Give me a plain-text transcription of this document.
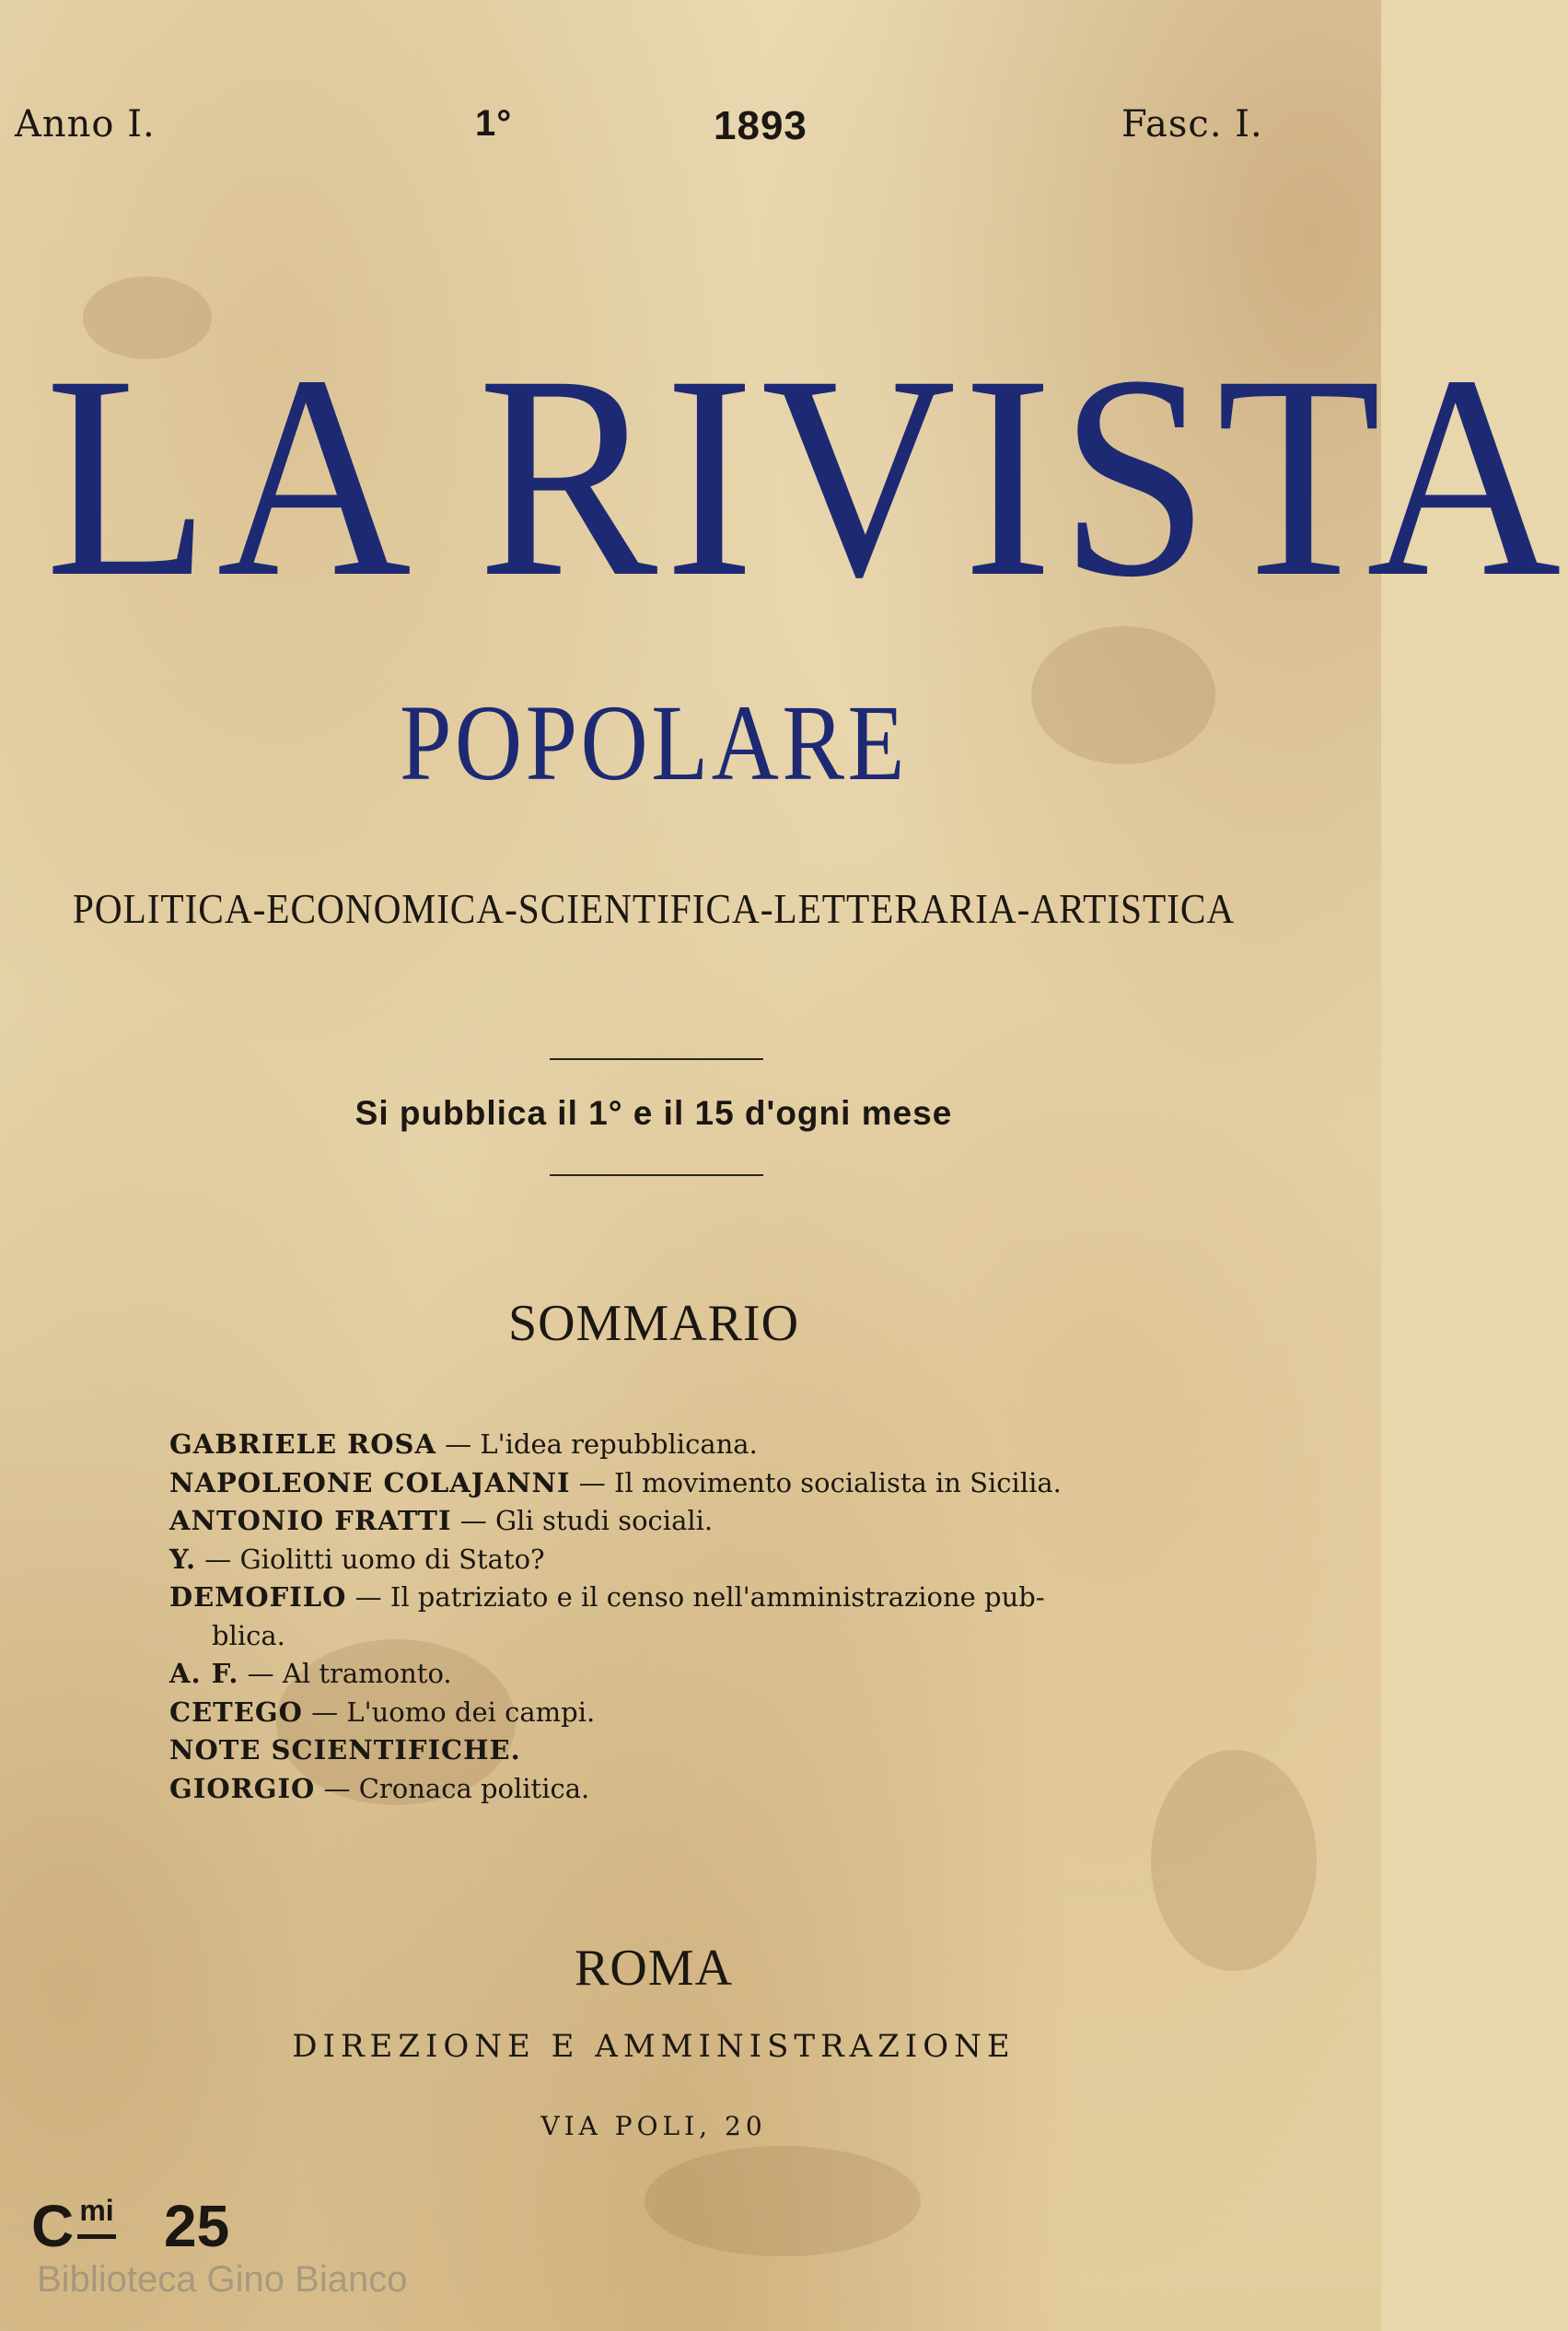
Anno I.	1°	1893	Fasc. I.
LA RIVISTA
POPOLARE
POLITICA-ECONOMICA-SCIENTIFICA-LETTERARIA-ARTISTICA
Si pubblica il 1° e il 15 d'ogni mese
SOMMARIO
GABRIELE ROSA — L'idea repubblicana.
NAPOLEONE COLAJANNI — Il movimento socialista in Sicilia.
ANTONIO FRATTI — Gli studi sociali.
Y. — Giolitti uomo di Stato?
DEMOFILO — Il patriziato e il censo nell'amministrazione pub-
blica.
A. F. — Al tramonto.
CETEGO — L'uomo dei campi.
NOTE SCIENTIFICHE.
GIORGIO — Cronaca politica.
ROMA
DIREZIONE E AMMINISTRAZIONE
VIA POLI, 20
C mi 25
Biblioteca Gino Bianco
